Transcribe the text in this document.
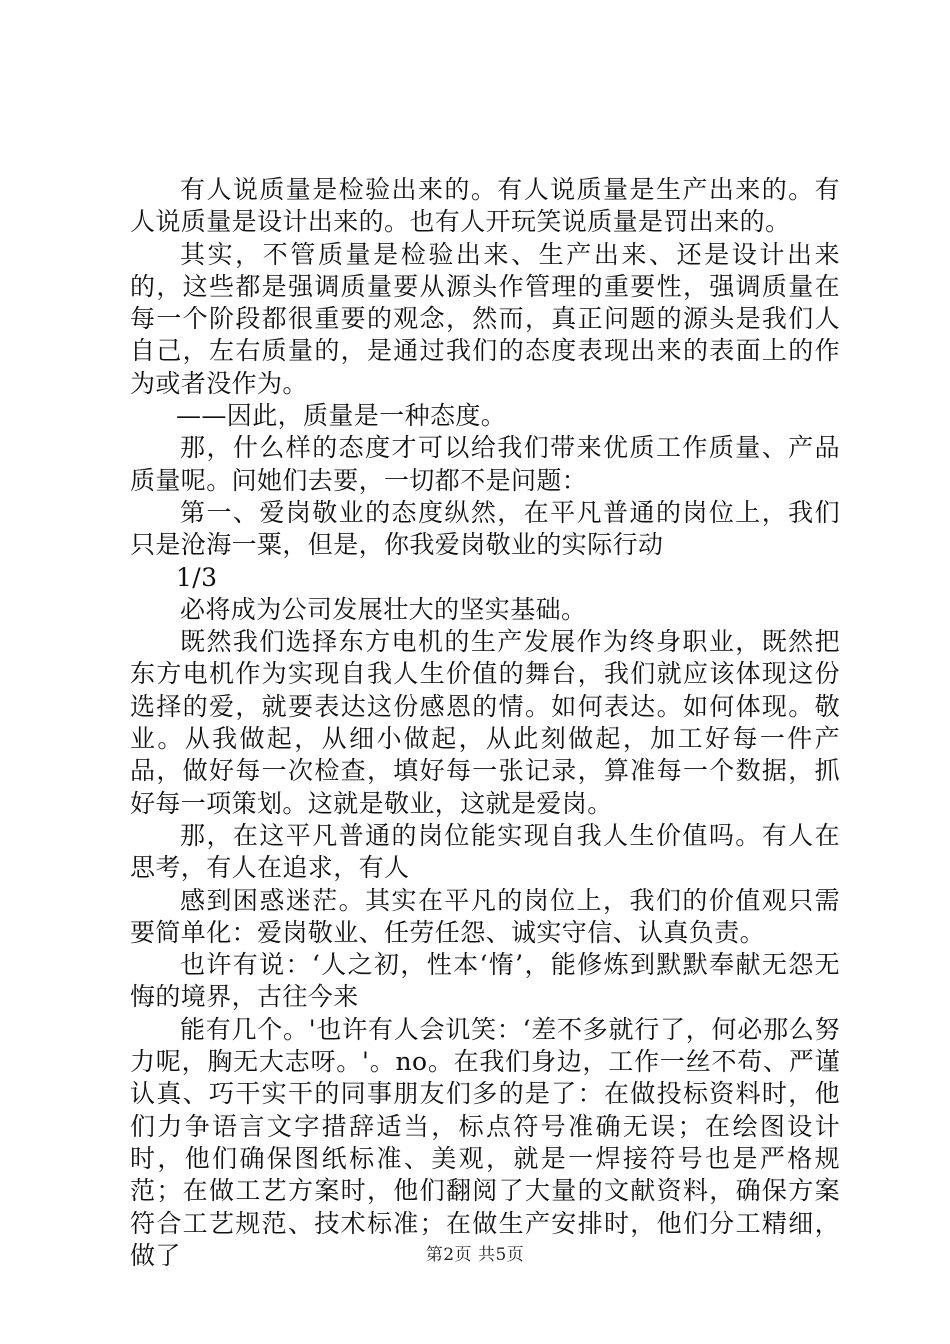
有人说质量是检验出来的。有人说质量是生产出来的。有人说质量是设计出来的。也有人开玩笑说质量是罚出来的。

其实，不管质量是检验出来、生产出来、还是设计出来的，这些都是强调质量要从源头作管理的重要性，强调质量在每一个阶段都很重要的观念，然而，真正问题的源头是我们人自己，左右质量的，是通过我们的态度表现出来的表面上的作为或者没作为。

——因此，质量是一种态度。

那，什么样的态度才可以给我们带来优质工作质量、产品质量呢。问她们去要，一切都不是问题：

第一、爱岗敬业的态度纵然，在平凡普通的岗位上，我们只是沧海一粟，但是，你我爱岗敬业的实际行动

1/3

必将成为公司发展壮大的坚实基础。

既然我们选择东方电机的生产发展作为终身职业，既然把东方电机作为实现自我人生价值的舞台，我们就应该体现这份选择的爱，就要表达这份感恩的情。如何表达。如何体现。敬业。从我做起，从细小做起，从此刻做起，加工好每一件产品，做好每一次检查，填好每一张记录，算准每一个数据，抓好每一项策划。这就是敬业，这就是爱岗。

那，在这平凡普通的岗位能实现自我人生价值吗。有人在思考，有人在追求，有人

感到困惑迷茫。其实在平凡的岗位上，我们的价值观只需要简单化：爱岗敬业、任劳任怨、诚实守信、认真负责。

也许有说：‘人之初，性本‘惰’，能修炼到默默奉献无怨无悔的境界，古往今来

能有几个。'也许有人会讥笑：‘差不多就行了，何必那么努力呢，胸无大志呀。'。no。在我们身边，工作一丝不苟、严谨认真、巧干实干的同事朋友们多的是了：在做投标资料时，他们力争语言文字措辞适当，标点符号准确无误；在绘图设计时，他们确保图纸标准、美观，就是一焊接符号也是严格规范；在做工艺方案时，他们翻阅了大量的文献资料，确保方案符合工艺规范、技术标准；在做生产安排时，他们分工精细，做了	第2页 共5页
